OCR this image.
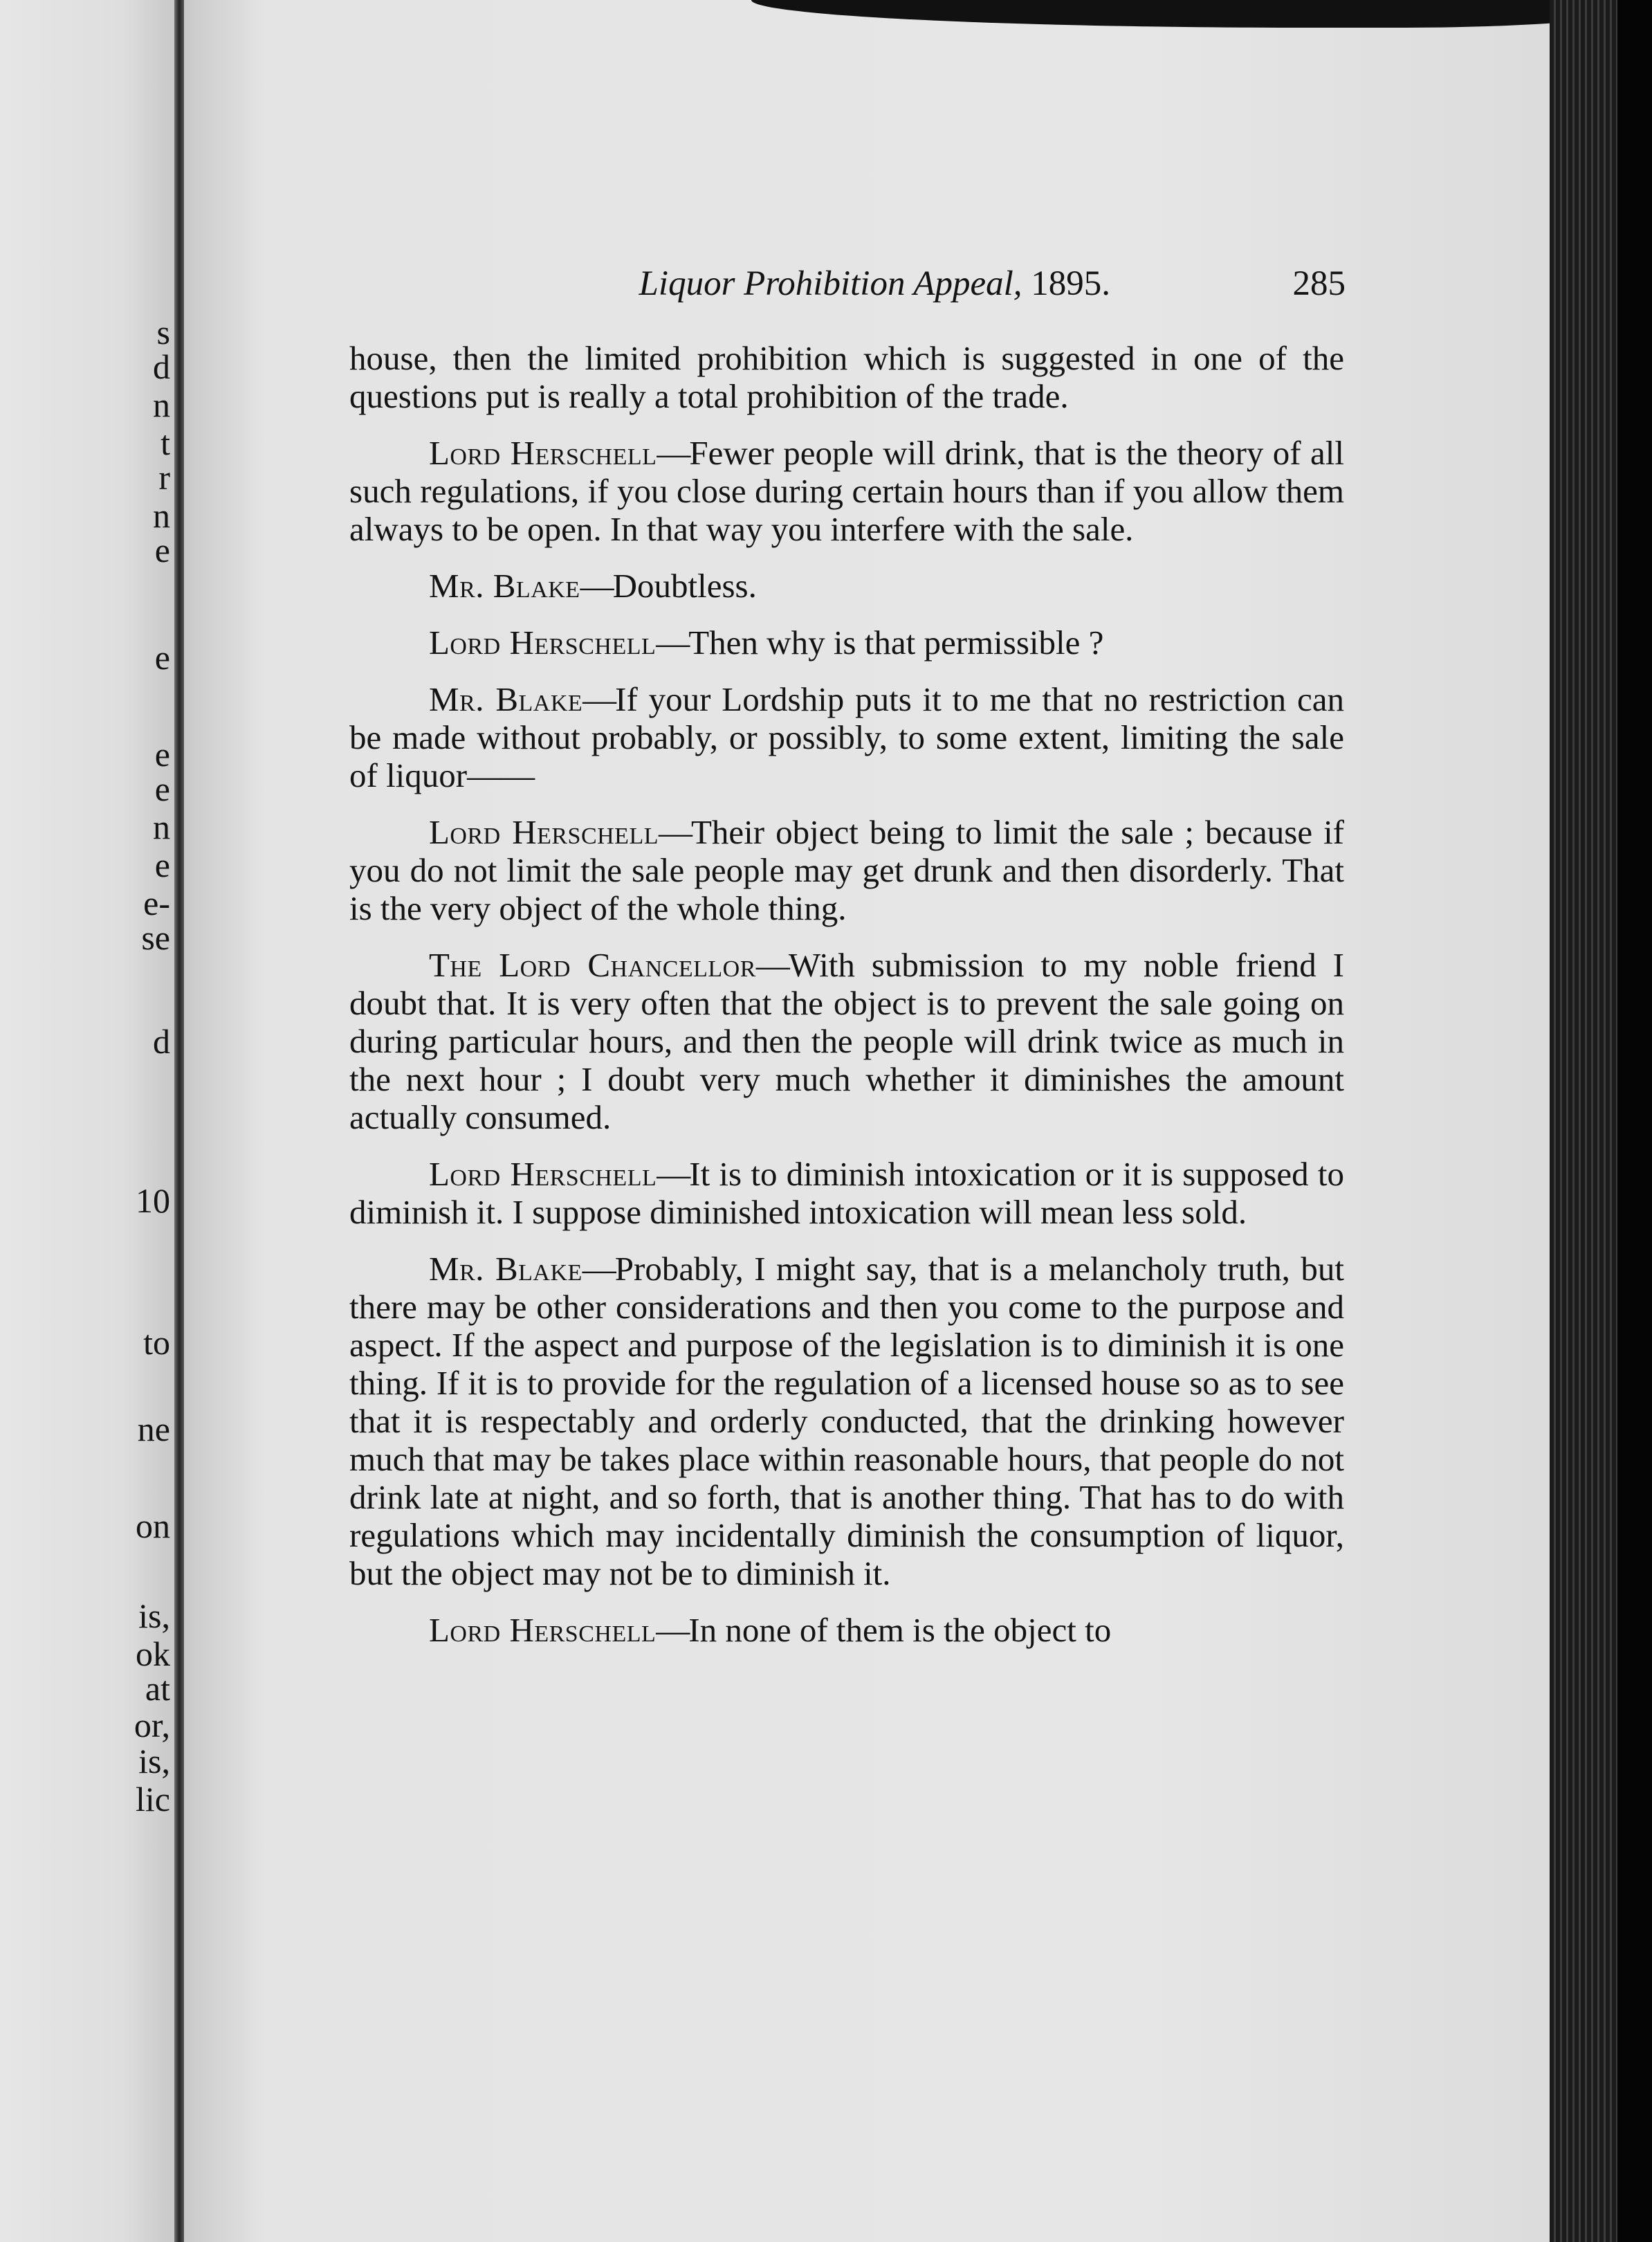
s
d
n
t
r
n
e
e
e
e
n
e
e-
se
d
10
to
ne
on
is,
ok
at
or,
is,
lic
Liquor Prohibition Appeal, 1895.	285

house, then the limited prohibition which is suggested in one of the questions put is really a total prohibition of the trade.

Lord Herschell—Fewer people will drink, that is the theory of all such regulations, if you close during certain hours than if you allow them always to be open. In that way you interfere with the sale.

Mr. Blake—Doubtless.

Lord Herschell—Then why is that permissible ?

Mr. Blake—If your Lordship puts it to me that no restriction can be made without probably, or possibly, to some extent, limiting the sale of liquor——

Lord Herschell—Their object being to limit the sale ; because if you do not limit the sale people may get drunk and then disorderly. That is the very object of the whole thing.

The Lord Chancellor—With submission to my noble friend I doubt that. It is very often that the object is to prevent the sale going on during particular hours, and then the people will drink twice as much in the next hour ; I doubt very much whether it diminishes the amount actually consumed.

Lord Herschell—It is to diminish intoxication or it is supposed to diminish it. I suppose diminished intoxication will mean less sold.

Mr. Blake—Probably, I might say, that is a melancholy truth, but there may be other considerations and then you come to the purpose and aspect. If the aspect and purpose of the legislation is to diminish it is one thing. If it is to provide for the regulation of a licensed house so as to see that it is respectably and orderly conducted, that the drinking however much that may be takes place within reasonable hours, that people do not drink late at night, and so forth, that is another thing. That has to do with regulations which may incidentally diminish the consumption of liquor, but the object may not be to diminish it.

Lord Herschell—In none of them is the object to
